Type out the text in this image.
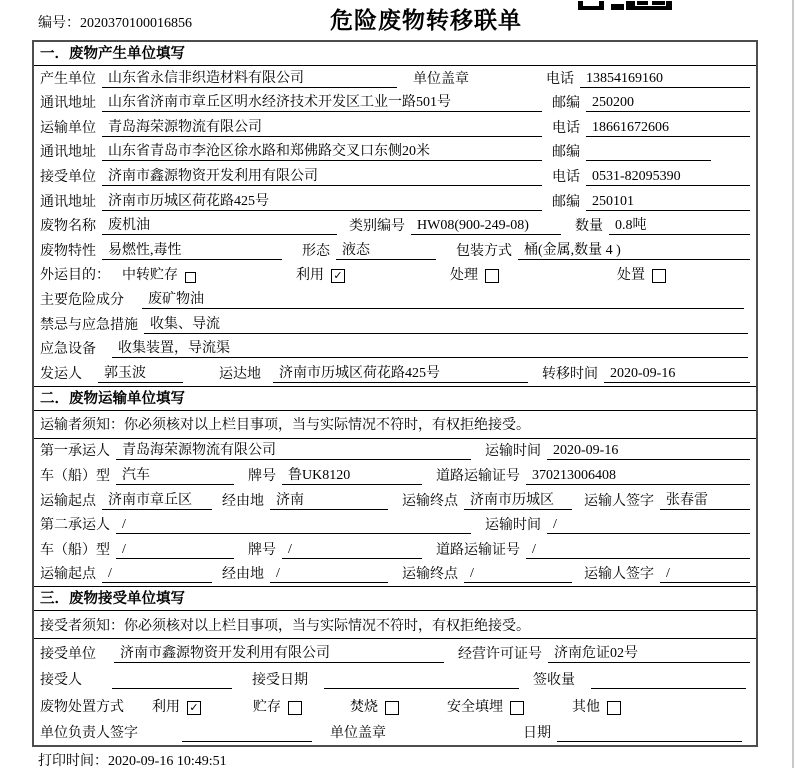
编号：2020370100016856	危险废物转移联单
一．废物产生单位填写
产生单位 山东省永信非织造材料有限公司	单位盖章	电话 13854169160
通讯地址 山东省济南市章丘区明水经济技术开发区工业一路501号	邮编 250200
运输单位 青岛海荣源物流有限公司	电话 18661672606
通讯地址 山东省青岛市李沧区徐水路和郑佛路交叉口东侧20米	邮编
接受单位 济南市鑫源物资开发利用有限公司	电话 0531-82095390
通讯地址 济南市历城区荷花路425号	邮编 250101
废物名称 废机油	类别编号 HW08(900-249-08)	数量 0.8吨
废物特性 易燃性,毒性	形态 液态	包装方式 桶(金属,数量 4 )
外运目的： 中转贮存	利用 ✓	处理	处置
主要危险成分	废矿物油
禁忌与应急措施 收集、导流
应急设备	收集装置，导流渠
发运人	郭玉波	运达地	济南市历城区荷花路425号	转移时间 2020-09-16
二．废物运输单位填写
运输者须知：你必须核对以上栏目事项，当与实际情况不符时，有权拒绝接受。
第一承运人 青岛海荣源物流有限公司	运输时间 2020-09-16
车（船）型 汽车	牌号 鲁UK8120	道路运输证号 370213006408
运输起点 济南市章丘区	经由地 济南	运输终点 济南市历城区	运输人签字 张春雷
第二承运人 /	运输时间 /
车（船）型 /	牌号 /	道路运输证号 /
运输起点 /	经由地 /	运输终点 /	运输人签字 /
三．废物接受单位填写
接受者须知：你必须核对以上栏目事项，当与实际情况不符时，有权拒绝接受。
接受单位	济南市鑫源物资开发利用有限公司	经营许可证号 济南危证02号
接受人	接受日期	签收量
废物处置方式 利用 ✓	贮存	焚烧	安全填埋	其他
单位负责人签字	单位盖章	日期
打印时间：2020-09-16 10:49:51
